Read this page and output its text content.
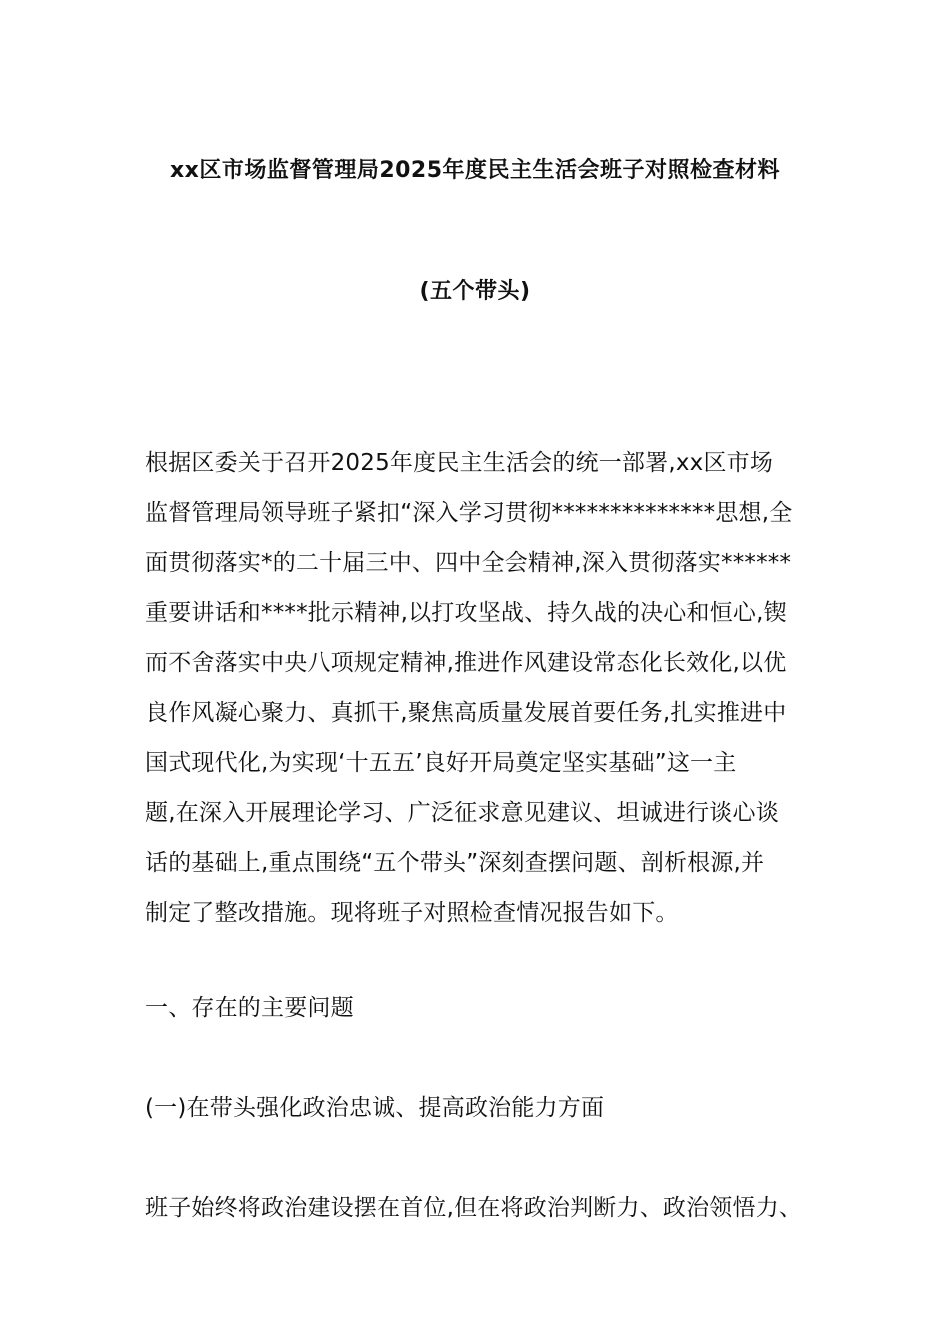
xx区市场监督管理局2025年度民主生活会班子对照检查材料
(五个带头)
根据区委关于召开2025年度民主生活会的统一部署,xx区市场
监督管理局领导班子紧扣“深入学习贯彻**************思想,全
面贯彻落实*的二十届三中、四中全会精神,深入贯彻落实******
重要讲话和****批示精神,以打攻坚战、持久战的决心和恒心,锲
而不舍落实中央八项规定精神,推进作风建设常态化长效化,以优
良作风凝心聚力、真抓干,聚焦高质量发展首要任务,扎实推进中
国式现代化,为实现‘十五五’良好开局奠定坚实基础”这一主
题,在深入开展理论学习、广泛征求意见建议、坦诚进行谈心谈
话的基础上,重点围绕“五个带头”深刻查摆问题、剖析根源,并
制定了整改措施。现将班子对照检查情况报告如下。
一、存在的主要问题
(一)在带头强化政治忠诚、提高政治能力方面
班子始终将政治建设摆在首位,但在将政治判断力、政治领悟力、
